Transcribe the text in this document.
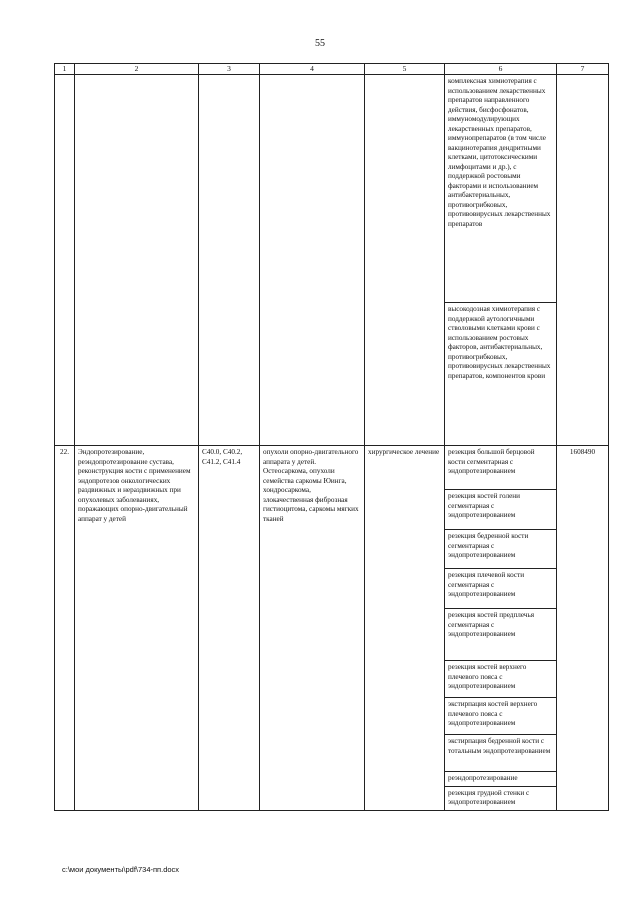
55
1	2	3	4	5	6	7
					комплексная химиотерапия с использованием лекарственных препаратов направленного действия, бисфосфонатов, иммуномодулирующих лекарственных препаратов, иммунопрепаратов (в том числе вакцинотерапия дендритными клетками, цитотоксическими лимфоцитами и др.), с поддержкой ростовыми факторами и использованием антибактериальных, противогрибковых, противовирусных лекарственных препаратов	
					высокодозная химиотерапия с поддержкой аутологичными стволовыми клетками крови с использованием ростовых факторов, антибактериальных, противогрибковых, противовирусных лекарственных препаратов, компонентов крови	
22.	Эндопротезирование, реэндопротезирование сустава, реконструкция кости с применением эндопротезов онкологических раздвижных и нераздвижных при опухолевых заболеваниях, поражающих опорно-двигательный аппарат у детей	C40.0, C40.2, C41.2, C41.4	опухоли опорно-двигательного аппарата у детей. Остеосаркома, опухоли семейства саркомы Юинга, хондросаркома, злокачественная фиброзная гистиоцитома, саркомы мягких тканей	хирургическое лечение	резекция большой берцовой кости сегментарная с эндопротезированием	1608490
					резекция костей голени сегментарная с эндопротезированием	
					резекция бедренной кости сегментарная с эндопротезированием	
					резекция плечевой кости сегментарная с эндопротезированием	
					резекция костей предплечья сегментарная с эндопротезированием	
					резекция костей верхнего плечевого пояса с эндопротезированием	
					экстирпация костей верхнего плечевого пояса с эндопротезированием	
					экстирпация бедренной кости с тотальным эндопротезированием	
					реэндопротезирование	
					резекция грудной стенки с эндопротезированием	
c:\мои документы\pdf\734-пп.docx
